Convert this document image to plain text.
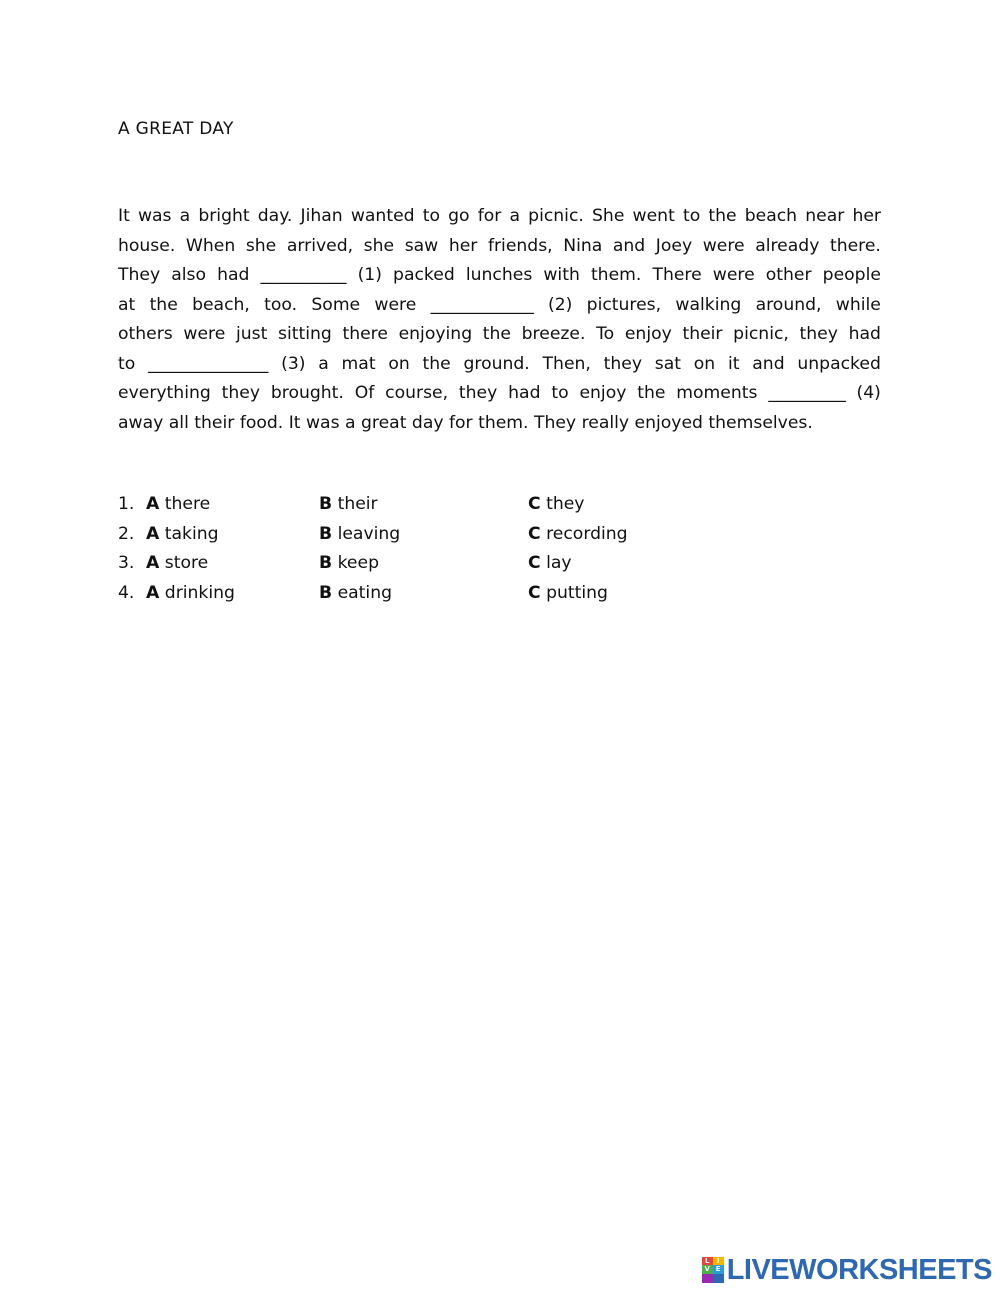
A GREAT DAY
It was a bright day. Jihan wanted to go for a picnic. She went to the beach near her
house. When she arrived, she saw her friends, Nina and Joey were already there.
They also had __________ (1) packed lunches with them. There were other people
at the beach, too. Some were ____________ (2) pictures, walking around, while
others were just sitting there enjoying the breeze. To enjoy their picnic, they had
to ______________ (3) a mat on the ground. Then, they sat on it and unpacked
everything they brought. Of course, they had to enjoy the moments _________ (4)
away all their food. It was a great day for them. They really enjoyed themselves.
1. A there	B their	C they
2. A taking	B leaving	C recording
3. A store	B keep	C lay
4. A drinking	B eating	C putting
L	I
V E LIVEWORKSHEETS
